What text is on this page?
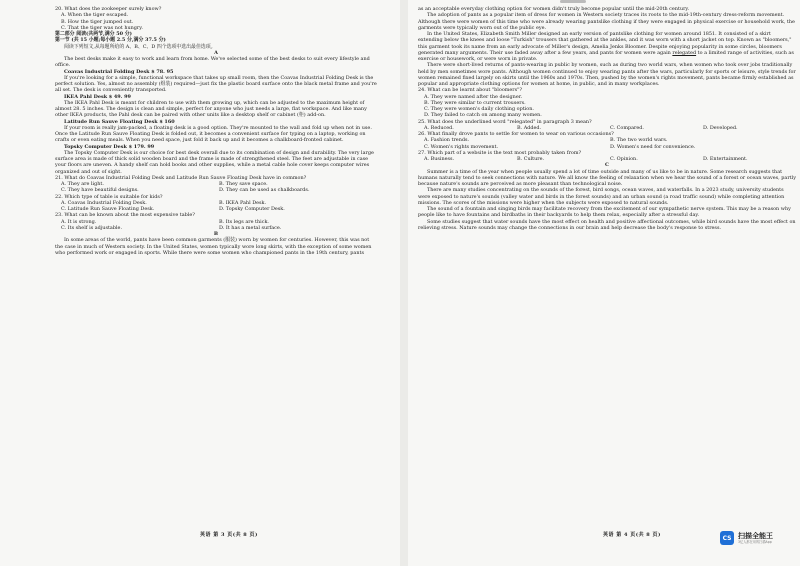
20. What does the zookeeper surely know?
A. When the tiger escaped.
B. How the tiger jumped out.
C. That the tiger was not hungry.
第二部分 阅读(共两节,满分 50 分)
第一节 (共 15 小题;每小题 2.5 分,满分 37.5 分)
阅读下列短文,从每题所给的 A、B、C、D 四个选项中选出最佳选项。
A
The best desks make it easy to work and learn from home. We've selected some of the best desks to suit every lifestyle and office.
Coavas Industrial Folding Desk $ 78. 95
If you're looking for a simple, functional workspace that takes up small room, then the Coavas Industrial Folding Desk is the perfect solution. Yes, almost no assembly (组装) required—just fix the plastic board surface onto the black metal frame and you're all set. The desk is conveniently transported.
IKEA Pahl Desk $ 49. 99
The IKEA Pahl Desk is meant for children to use with them growing up, which can be adjusted to the maximum height of almost 28. 5 inches. The design is clean and simple, perfect for anyone who just needs a large, flat workspace. And like many other IKEA products, the Pahl desk can be paired with other units like a desktop shelf or cabinet (柜) add-on.
Latitude Run Sauve Floating Desk $ 160
If your room is really jam-packed, a floating desk is a good option. They're mounted to the wall and fold up when not in use. Once the Latitude Run Sauve Floating Desk is folded out, it becomes a convenient surface for typing on a laptop, working on crafts or even eating meals. When you need space, just fold it back up and it becomes a chalkboard-fronted cabinet.
Topsky Computer Desk $ 179. 99
The Topsky Computer Desk is our choice for best desk overall due to its combination of design and durability. The very large surface area is made of thick solid wooden board and the frame is made of strengthened steel. The feet are adjustable in case your floors are uneven. A handy shelf can hold books and other supplies, while a metal cable hole cover keeps computer wires organized and out of sight.
21. What do Coavas Industrial Folding Desk and Latitude Run Sauve Floating Desk have in common?
A. They are light.	B. They save space.
C. They have beautiful designs.	D. They can be used as chalkboards.
22. Which type of table is suitable for kids?
A. Coavas Industrial Folding Desk.	B. IKEA Pahl Desk.
C. Latitude Run Sauve Floating Desk.	D. Topsky Computer Desk.
23. What can be known about the most expensive table?
A. It is strong.	B. Its legs are thick.
C. Its shelf is adjustable.	D. It has a metal surface.
B
In some areas of the world, pants have been common garments (服装) worn by women for centuries. However, this was not the case in much of Western society. In the United States, women typically wore long skirts, with the exception of some women who performed work or engaged in sports. While there were some women who championed pants in the 19th century, pants
英语 第 3 页(共 8 页)
as an acceptable everyday clothing option for women didn't truly become popular until the mid-20th century.
The adoption of pants as a popular item of dress for women in Western society traces its roots to the mid-19th-century dress-reform movement. Although there were women of this time who were already wearing pantslike clothing if they were engaged in physical exercise or household work, the garments were typically worn out of the public eye.
In the United States, Elizabeth Smith Miller designed an early version of pantslike clothing for women around 1851. It consisted of a skirt extending below the knees and loose "Turkish" trousers that gathered at the ankles, and it was worn with a short jacket on top. Known as "bloomers," this garment took its name from an early advocate of Miller's design, Amelia Jenks Bloomer. Despite enjoying popularity in some circles, bloomers generated many arguments. Their use faded away after a few years, and pants for women were again relegated to a limited range of activities, such as exercise or housework, or were worn in private.
There were short-lived returns of pants-wearing in public by women, such as during two world wars, when women who took over jobs traditionally held by men sometimes wore pants. Although women continued to enjoy wearing pants after the wars, particularly for sports or leisure, style trends for women remained fixed largely on skirts until the 1960s and 1970s. Then, pushed by the women's rights movement, pants became firmly established as popular and appropriate clothing options for women at home, in public, and in many workplaces.
24. What can be learnt about "bloomers"?
A. They were named after the designer.
B. They were similar to current trousers.
C. They were women's daily clothing option.
D. They failed to catch on among many women.
25. What does the underlined word "relegated" in paragraph 3 mean?
A. Reduced.	B. Added.	C. Compared.	D. Developed.
26. What finally drove pants to settle for women to wear on various occasions?
A. Fashion trends.	B. The two world wars.
C. Women's rights movement.	D. Women's need for convenience.
27. Which part of a website is the text most probably taken from?
A. Business.	B. Culture.	C. Opinion.	D. Entertainment.
C
Summer is a time of the year when people usually spend a lot of time outside and many of us like to be in nature. Some research suggests that humans naturally tend to seek connections with nature. We all know the feeling of relaxation when we hear the sound of a forest or ocean waves, partly because nature's sounds are perceived as more pleasant than technological noise.
There are many studies concentrating on the sounds of the forest, bird songs, ocean waves, and waterfalls. In a 2023 study, university students were exposed to nature's sounds (valley water and birds in the forest sounds) and an urban sound (a road traffic sound) while completing attention missions. The scores of the missions were higher when the subjects were exposed to natural sounds.
The sound of a fountain and singing birds may facilitate recovery from the excitement of our sympathetic nerve system. This may be a reason why people like to have fountains and birdbaths in their backyards to help them relax, especially after a stressful day.
Some studies suggest that water sounds have the most effect on health and positive affectional outcomes, while bird sounds have the most effect on relieving stress. Nature sounds may change the connections in our brain and help decrease the body's response to stress.
英语 第 4 页(共 8 页)	CS 扫描全能王
3亿人都在用的扫描App
